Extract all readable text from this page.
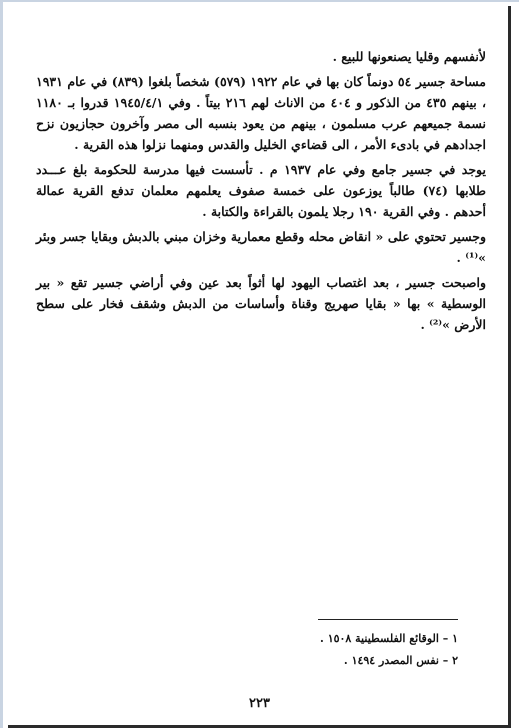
لأنفسهم وقليا يصنعونها للبيع .

مساحة جسير ٥٤ دونماً كان بها في عام ١٩٢٢ (٥٧٩) شخصاً بلغوا (٨٣٩) في عام ١٩٣١ ، بينهم ٤٣٥ من الذكور و ٤٠٤ من الاناث لهم ٢١٦ بيتاً . وفي ١٩٤٥/٤/١ قدروا بـ ١١٨٠ نسمة جميعهم عرب مسلمون ، بينهم من يعود بنسبه الى مصر وآخرون حجازيون نزح اجدادهم في بادىء الأمر ، الى قضاءي الخليل والقدس ومنهما نزلوا هذه القرية .

يوجد في جسير جامع وفي عام ١٩٣٧ م . تأسست فيها مدرسة للحكومة بلغ عـــدد طلابها (٧٤) طالباً يوزعون على خمسة صفوف يعلمهم معلمان تدفع القرية عمالة أحدهم . وفي القرية ١٩٠ رجلا يلمون بالقراءة والكتابة .

وجسير تحتوي على « انقاض محله وقطع معمارية وخزان مبني بالدبش وبقايا جسر وبئر »⁽¹⁾ .

واصبحت جسير ، بعد اغتصاب اليهود لها أثواً بعد عين وفي أراضي جسير تقع « بير الوسطية » بها « بقايا صهريج وقناة وأساسات من الدبش وشقف فخار على سطح الأرض »⁽²⁾ .

١ – الوقائع الفلسطينية ١٥٠٨ .
٢ – نفس المصدر ١٤٩٤ .
٢٢٣
